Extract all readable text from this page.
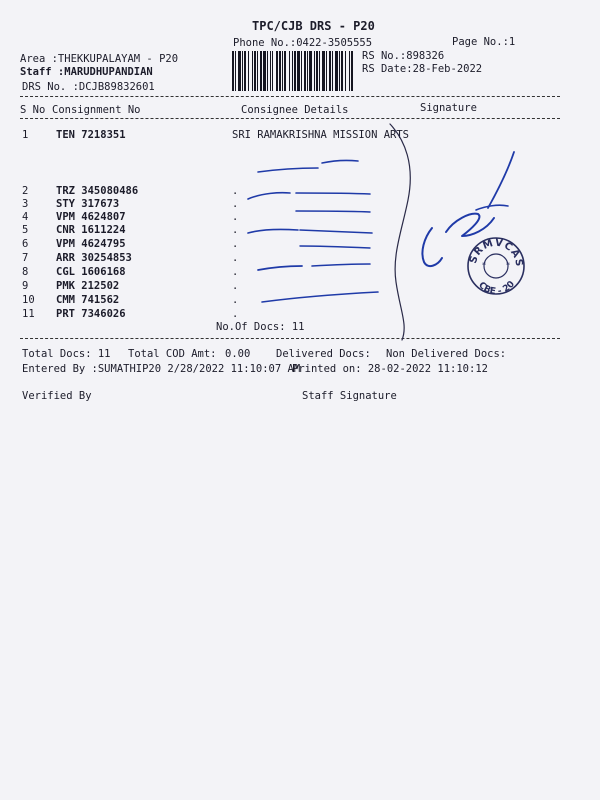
TPC/CJB DRS - P20
Phone No.:0422-3505555	Page No.:1
Area :THEKKUPALAYAM - P20
Staff :MARUDHUPANDIAN
DRS No. :DCJB89832601
RS No.:898326
RS Date:28-Feb-2022
S No Consignment No	Consignee Details	Signature
1	TEN 7218351	SRI RAMAKRISHNA MISSION ARTS
2	TRZ 345080486	.
3	STY 317673	.
4	VPM 4624807	.
5	CNR 1611224	.
6	VPM 4624795	.
7	ARR 30254853	.
8	CGL 1606168	.
9	PMK 212502	.
10 CMM 741562	.
11 PRT 7346026	.
No.Of Docs: 11
Total Docs: 11 Total COD Amt: 0.00 Delivered Docs: Non Delivered Docs:
Entered By :SUMATHIP20 2/28/2022 11:10:07 AM
Printed on: 28-02-2022 11:10:12
Verified By	Staff Signature
SRMVCAS
CBE - 20
*	*
